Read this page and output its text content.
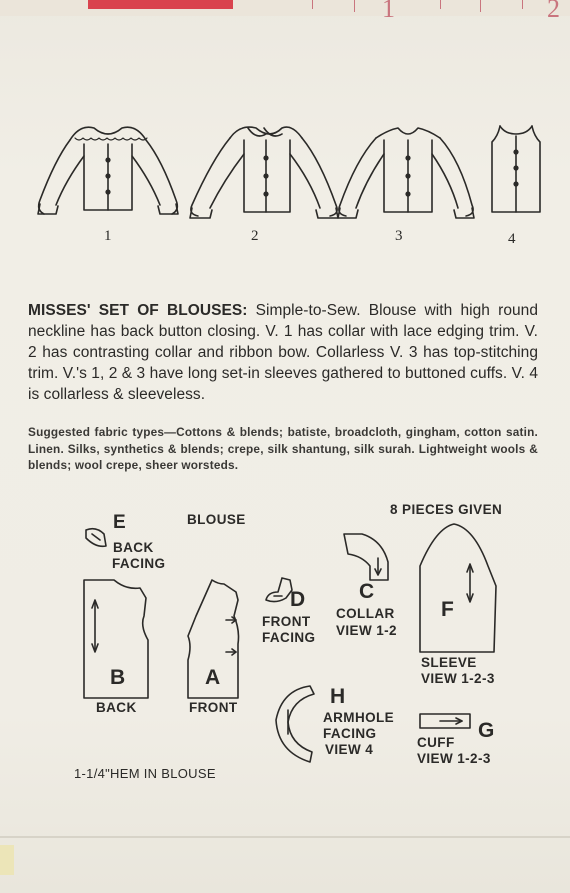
1	2
1	2	3	4
MISSES' SET OF BLOUSES: Simple-to-Sew. Blouse with high round neckline has back button closing. V. 1 has collar with lace edging trim. V. 2 has contrasting collar and ribbon bow. Collarless V. 3 has top-stitching trim. V.'s 1, 2 & 3 have long set-in sleeves gathered to buttoned cuffs. V. 4 is collarless & sleeveless.
Suggested fabric types—Cottons & blends; batiste, broadcloth, gingham, cotton satin. Linen. Silks, synthetics & blends; crepe, silk shantung, silk surah. Lightweight wools & blends; wool crepe, sheer worsteds.
BLOUSE
8 PIECES GIVEN
E
BACK
FACING
B
BACK
A
FRONT
D
FRONT
FACING
C
COLLAR
VIEW 1-2
F
SLEEVE
VIEW 1-2-3
H
ARMHOLE
FACING
VIEW 4
G
CUFF
VIEW 1-2-3
1-1/4"HEM IN BLOUSE
